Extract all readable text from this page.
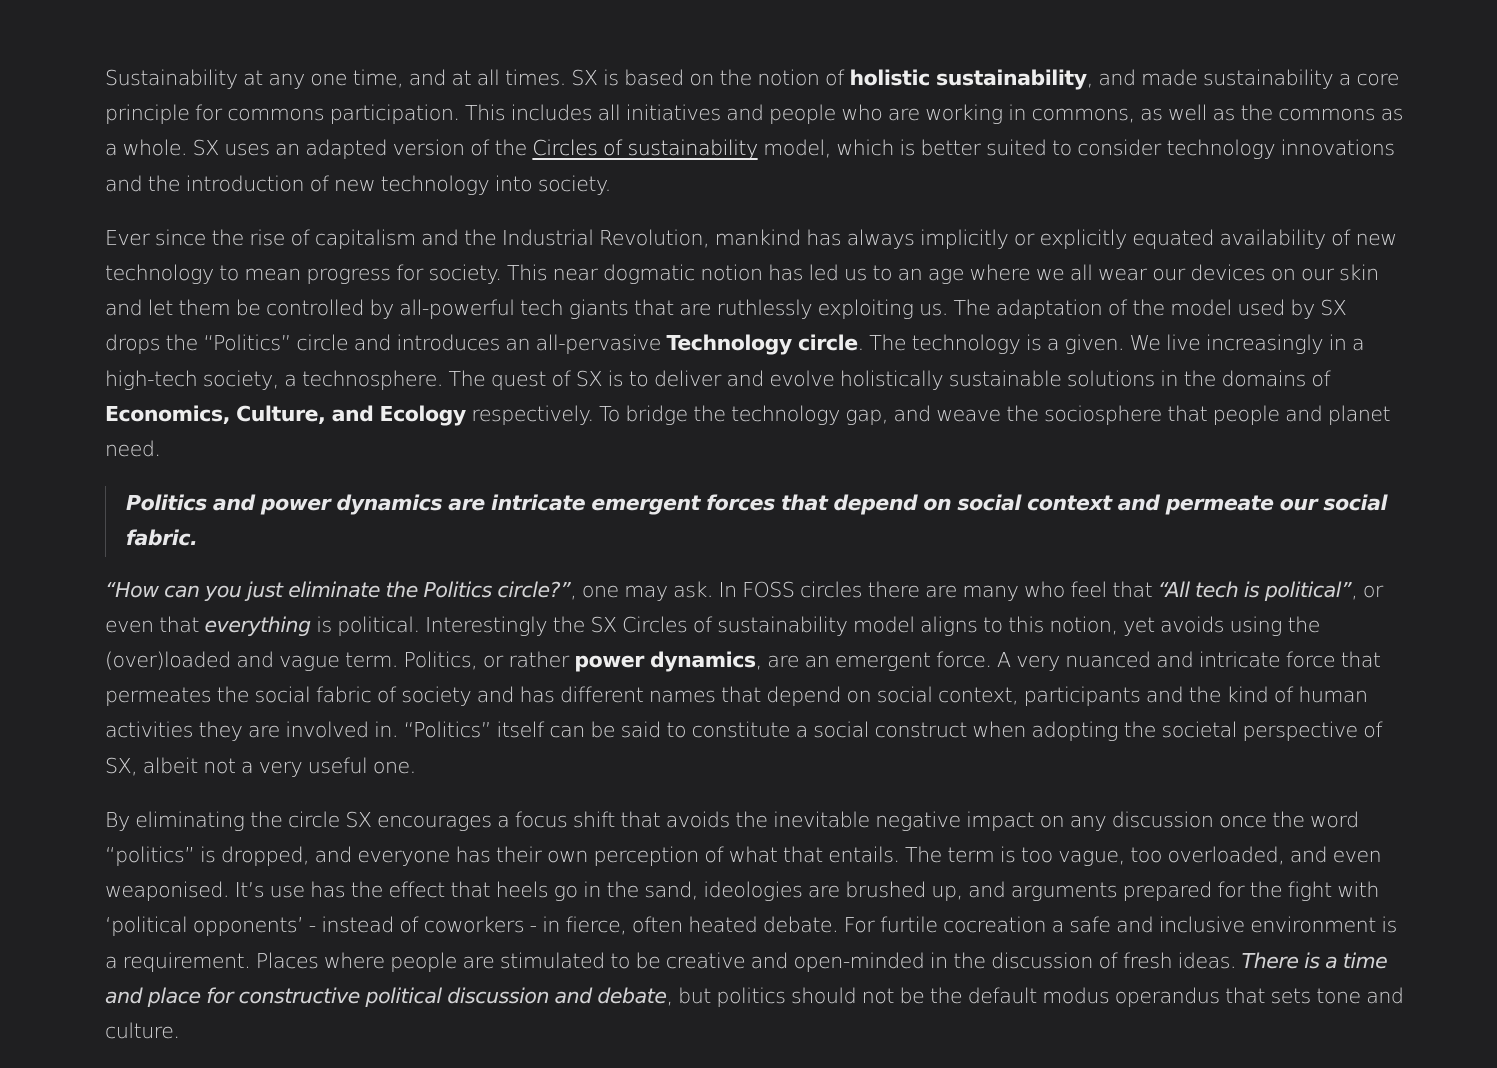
Sustainability at any one time, and at all times. SX is based on the notion of holistic sustainability, and made sustainability a core principle for commons participation. This includes all initiatives and people who are working in commons, as well as the commons as a whole. SX uses an adapted version of the Circles of sustainability model, which is better suited to consider technology innovations and the introduction of new technology into society.

Ever since the rise of capitalism and the Industrial Revolution, mankind has always implicitly or explicitly equated availability of new technology to mean progress for society. This near dogmatic notion has led us to an age where we all wear our devices on our skin and let them be controlled by all-powerful tech giants that are ruthlessly exploiting us. The adaptation of the model used by SX drops the “Politics” circle and introduces an all-pervasive Technology circle. The technology is a given. We live increasingly in a high-tech society, a technosphere. The quest of SX is to deliver and evolve holistically sustainable solutions in the domains of Economics, Culture, and Ecology respectively. To bridge the technology gap, and weave the sociosphere that people and planet need.

Politics and power dynamics are intricate emergent forces that depend on social context and permeate our social fabric.

“How can you just eliminate the Politics circle?”, one may ask. In FOSS circles there are many who feel that “All tech is political”, or even that everything is political. Interestingly the SX Circles of sustainability model aligns to this notion, yet avoids using the (over)loaded and vague term. Politics, or rather power dynamics, are an emergent force. A very nuanced and intricate force that permeates the social fabric of society and has different names that depend on social context, participants and the kind of human activities they are involved in. “Politics” itself can be said to constitute a social construct when adopting the societal perspective of SX, albeit not a very useful one.

By eliminating the circle SX encourages a focus shift that avoids the inevitable negative impact on any discussion once the word “politics” is dropped, and everyone has their own perception of what that entails. The term is too vague, too overloaded, and even weaponised. It’s use has the effect that heels go in the sand, ideologies are brushed up, and arguments prepared for the fight with ‘political opponents’ - instead of coworkers - in fierce, often heated debate. For furtile cocreation a safe and inclusive environment is a requirement. Places where people are stimulated to be creative and open-minded in the discussion of fresh ideas. There is a time and place for constructive political discussion and debate, but politics should not be the default modus operandus that sets tone and culture.
